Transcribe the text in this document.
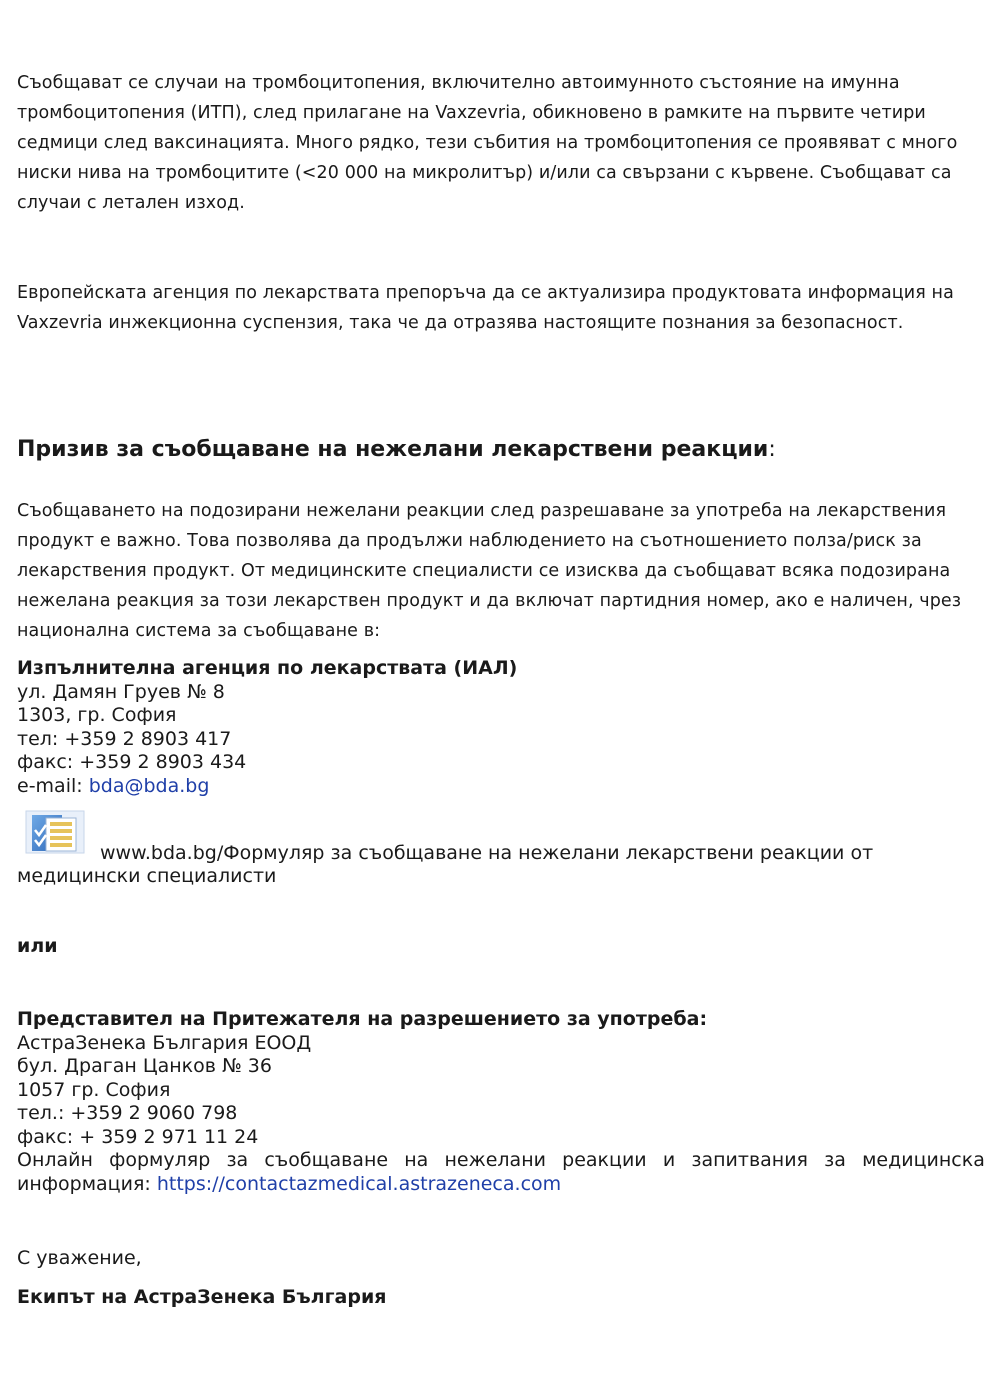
Съобщават се случаи на тромбоцитопения, включително автоимунното състояние на имунна тромбоцитопения (ИТП), след прилагане на Vaxzevria, обикновено в рамките на първите четири седмици след ваксинацията. Много рядко, тези събития на тромбоцитопения се проявяват с много ниски нива на тромбоцитите (<20 000 на микролитър) и/или са свързани с кървене. Съобщават са случаи с летален изход.
Европейската агенция по лекарствата препоръча да се актуализира продуктовата информация на Vaxzevria инжекционна суспензия, така че да отразява настоящите познания за безопасност.
Призив за съобщаване на нежелани лекарствени реакции:
Съобщаването на подозирани нежелани реакции след разрешаване за употреба на лекарствения продукт е важно. Това позволява да продължи наблюдението на съотношението полза/риск за лекарствения продукт. От медицинските специалисти се изисква да съобщават всяка подозирана нежелана реакция за този лекарствен продукт и да включат партидния номер, ако е наличен, чрез национална система за съобщаване в:
Изпълнителна агенция по лекарствата (ИАЛ)
ул. Дамян Груев № 8
1303, гр. София
тел: +359 2 8903 417
факс: +359 2 8903 434
e-mail: bda@bda.bg
www.bda.bg/Формуляр за съобщаване на нежелани лекарствени реакции от
медицински специалисти
или
Представител на Притежателя на разрешението за употреба:
АстраЗенека България ЕООД
бул. Драган Цанков № 36
1057 гр. София
тел.: +359 2 9060 798
факс: + 359 2 971 11 24
Онлайн формуляр за съобщаване на нежелани реакции и запитвания за медицинска
информация: https://contactazmedical.astrazeneca.com
С уважение,
Екипът на АстраЗенека България
